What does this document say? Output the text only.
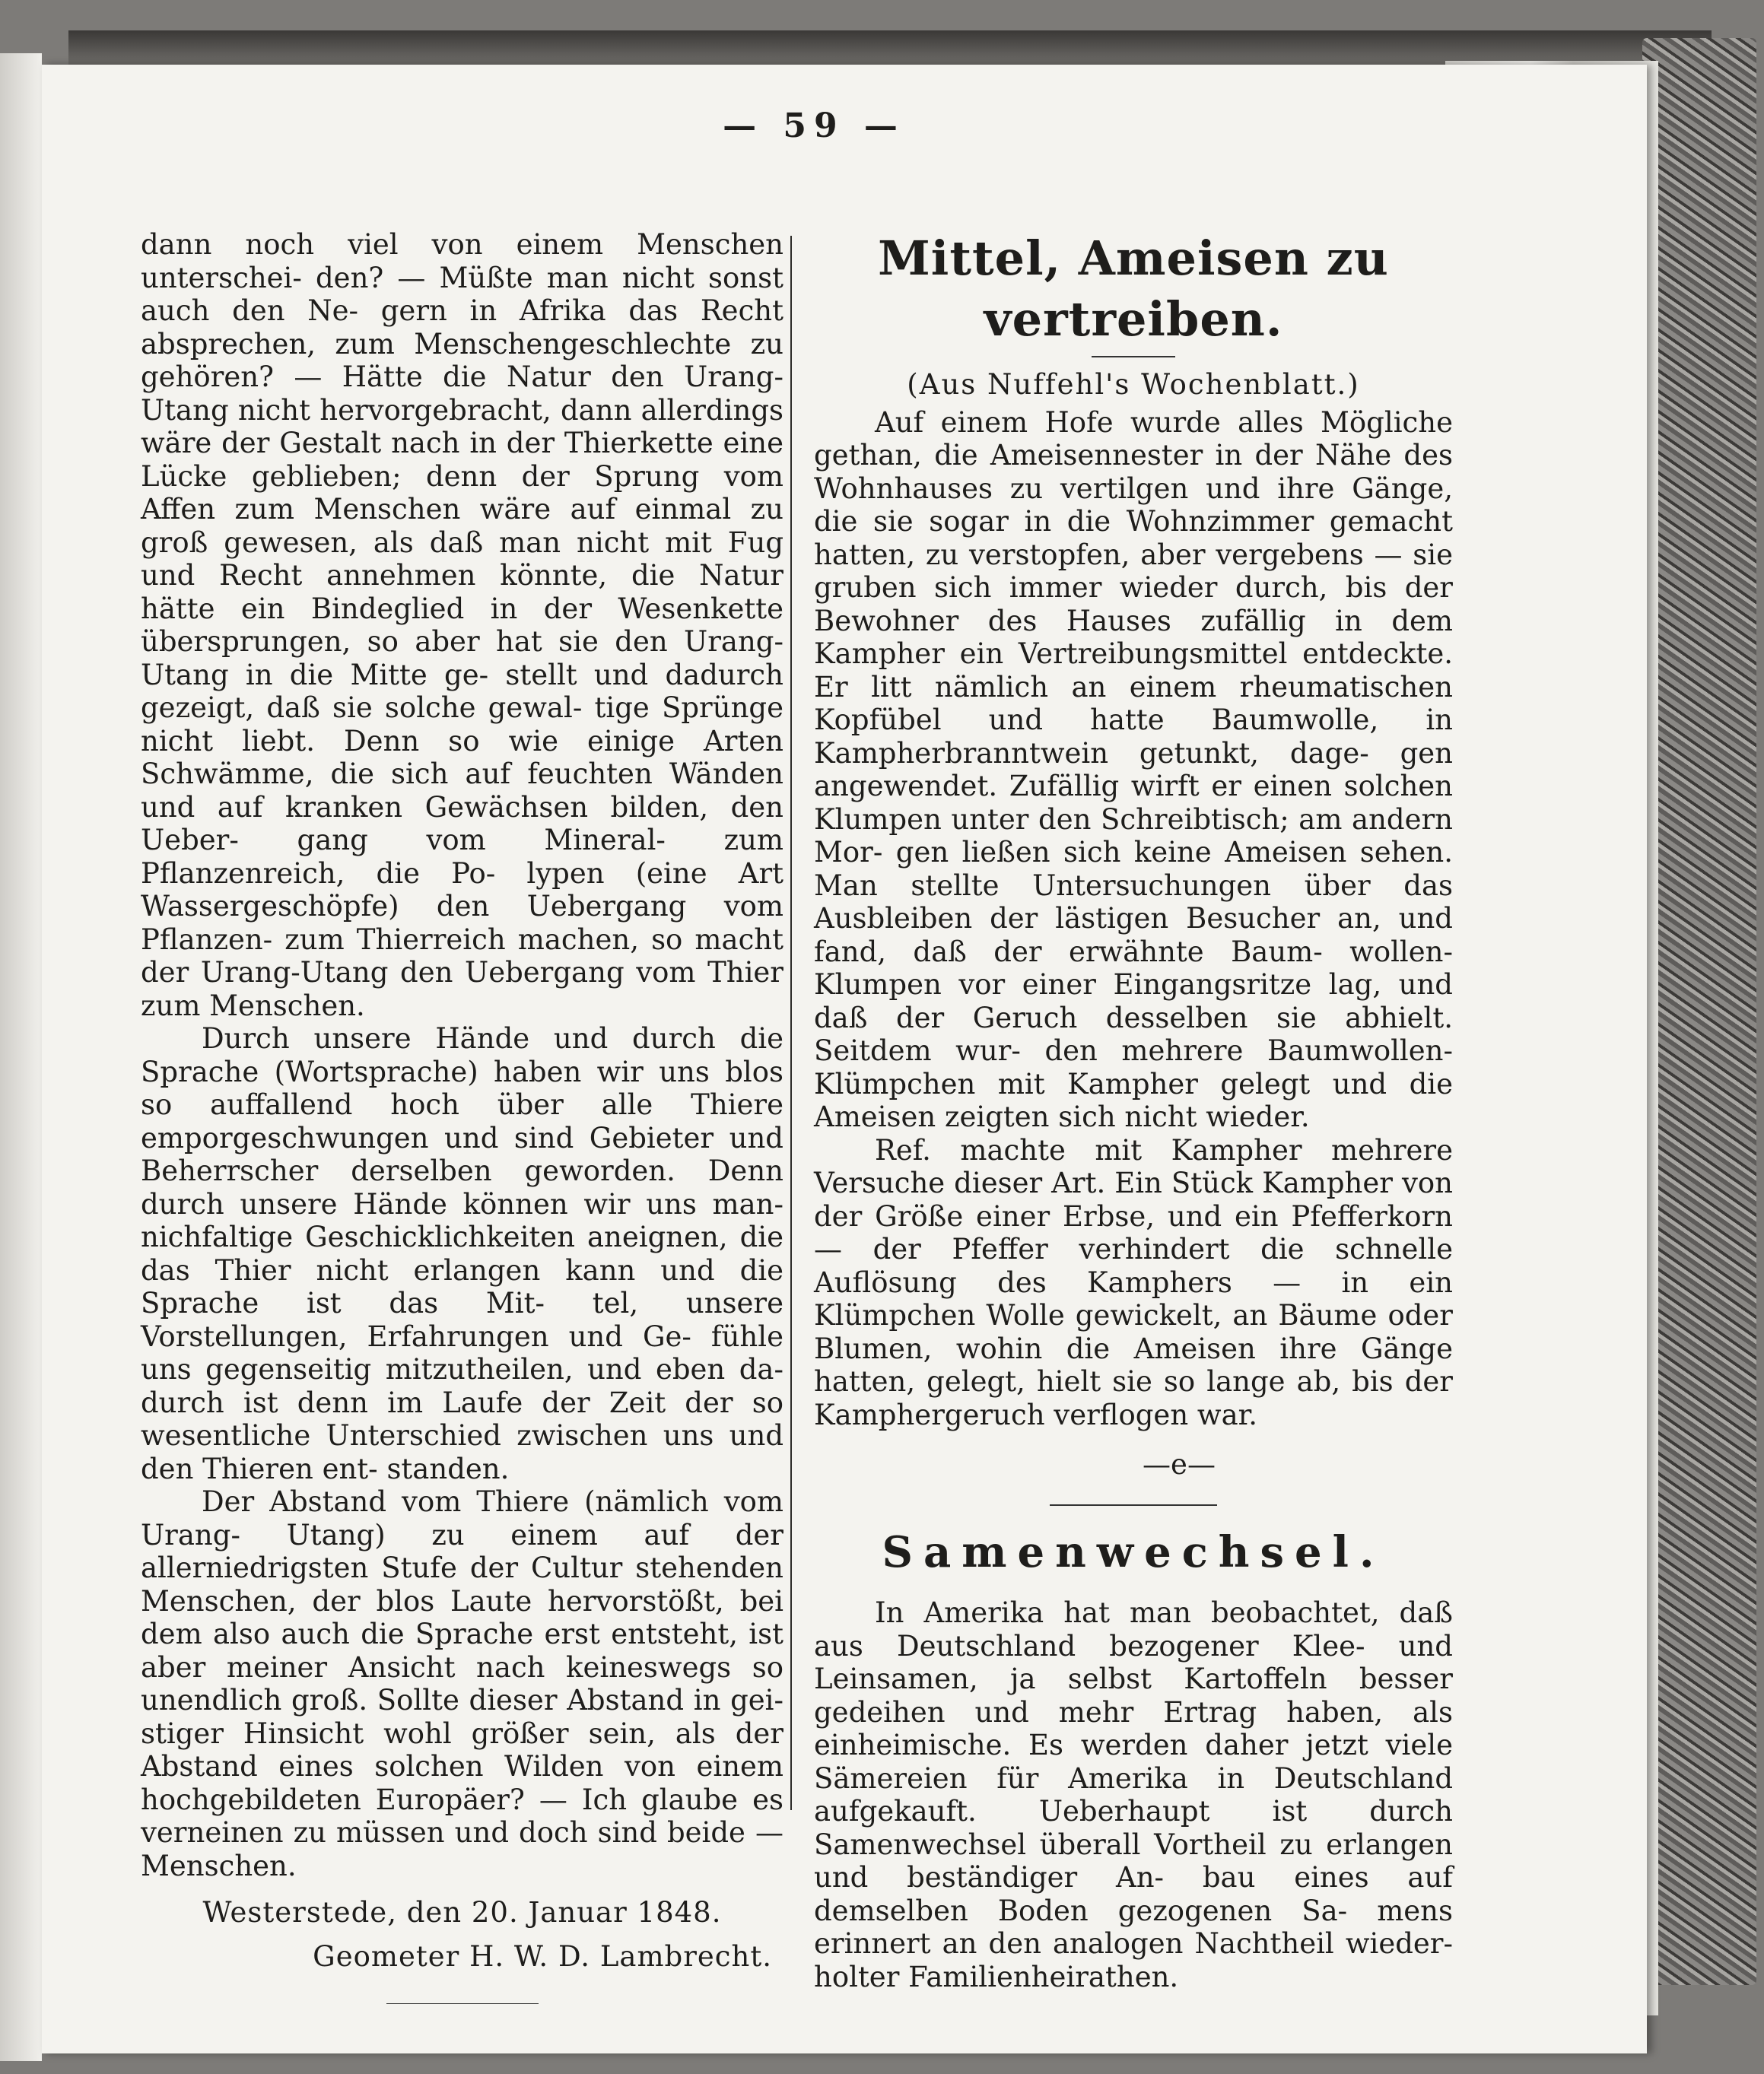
— 59 —

dann noch viel von einem Menschen unterschei- den? — Müßte man nicht sonst auch den Ne- gern in Afrika das Recht absprechen, zum Menschengeschlechte zu gehören? — Hätte die Natur den Urang-Utang nicht hervorgebracht, dann allerdings wäre der Gestalt nach in der Thierkette eine Lücke geblieben; denn der Sprung vom Affen zum Menschen wäre auf einmal zu groß gewesen, als daß man nicht mit Fug und Recht annehmen könnte, die Natur hätte ein Bindeglied in der Wesenkette übersprungen, so aber hat sie den Urang-Utang in die Mitte ge- stellt und dadurch gezeigt, daß sie solche gewal- tige Sprünge nicht liebt. Denn so wie einige Arten Schwämme, die sich auf feuchten Wänden und auf kranken Gewächsen bilden, den Ueber- gang vom Mineral- zum Pflanzenreich, die Po- lypen (eine Art Wassergeschöpfe) den Uebergang vom Pflanzen- zum Thierreich machen, so macht der Urang-Utang den Uebergang vom Thier zum Menschen.

Durch unsere Hände und durch die Sprache (Wortsprache) haben wir uns blos so auffallend hoch über alle Thiere emporgeschwungen und sind Gebieter und Beherrscher derselben geworden. Denn durch unsere Hände können wir uns man- nichfaltige Geschicklichkeiten aneignen, die das Thier nicht erlangen kann und die Sprache ist das Mit- tel, unsere Vorstellungen, Erfahrungen und Ge- fühle uns gegenseitig mitzutheilen, und eben da- durch ist denn im Laufe der Zeit der so wesentliche Unterschied zwischen uns und den Thieren ent- standen.

Der Abstand vom Thiere (nämlich vom Urang- Utang) zu einem auf der allerniedrigsten Stufe der Cultur stehenden Menschen, der blos Laute hervorstößt, bei dem also auch die Sprache erst entsteht, ist aber meiner Ansicht nach keineswegs so unendlich groß. Sollte dieser Abstand in gei- stiger Hinsicht wohl größer sein, als der Abstand eines solchen Wilden von einem hochgebildeten Europäer? — Ich glaube es verneinen zu müssen und doch sind beide — Menschen.

Westerstede, den 20. Januar 1848.
Geometer H. W. D. Lambrecht.
Mittel, Ameisen zu vertreiben.
(Aus Nuffehl's Wochenblatt.)

Auf einem Hofe wurde alles Mögliche gethan, die Ameisennester in der Nähe des Wohnhauses zu vertilgen und ihre Gänge, die sie sogar in die Wohnzimmer gemacht hatten, zu verstopfen, aber vergebens — sie gruben sich immer wieder durch, bis der Bewohner des Hauses zufällig in dem Kampher ein Vertreibungsmittel entdeckte. Er litt nämlich an einem rheumatischen Kopfübel und hatte Baumwolle, in Kampherbranntwein getunkt, dage- gen angewendet. Zufällig wirft er einen solchen Klumpen unter den Schreibtisch; am andern Mor- gen ließen sich keine Ameisen sehen. Man stellte Untersuchungen über das Ausbleiben der lästigen Besucher an, und fand, daß der erwähnte Baum- wollen-Klumpen vor einer Eingangsritze lag, und daß der Geruch desselben sie abhielt. Seitdem wur- den mehrere Baumwollen-Klümpchen mit Kampher gelegt und die Ameisen zeigten sich nicht wieder.

Ref. machte mit Kampher mehrere Versuche dieser Art. Ein Stück Kampher von der Größe einer Erbse, und ein Pfefferkorn — der Pfeffer verhindert die schnelle Auflösung des Kamphers — in ein Klümpchen Wolle gewickelt, an Bäume oder Blumen, wohin die Ameisen ihre Gänge hatten, gelegt, hielt sie so lange ab, bis der Kamphergeruch verflogen war.

—e—
Samenwechsel.

In Amerika hat man beobachtet, daß aus Deutschland bezogener Klee- und Leinsamen, ja selbst Kartoffeln besser gedeihen und mehr Ertrag haben, als einheimische. Es werden daher jetzt viele Sämereien für Amerika in Deutschland aufgekauft. Ueberhaupt ist durch Samenwechsel überall Vortheil zu erlangen und beständiger An- bau eines auf demselben Boden gezogenen Sa- mens erinnert an den analogen Nachtheil wieder- holter Familienheirathen.
